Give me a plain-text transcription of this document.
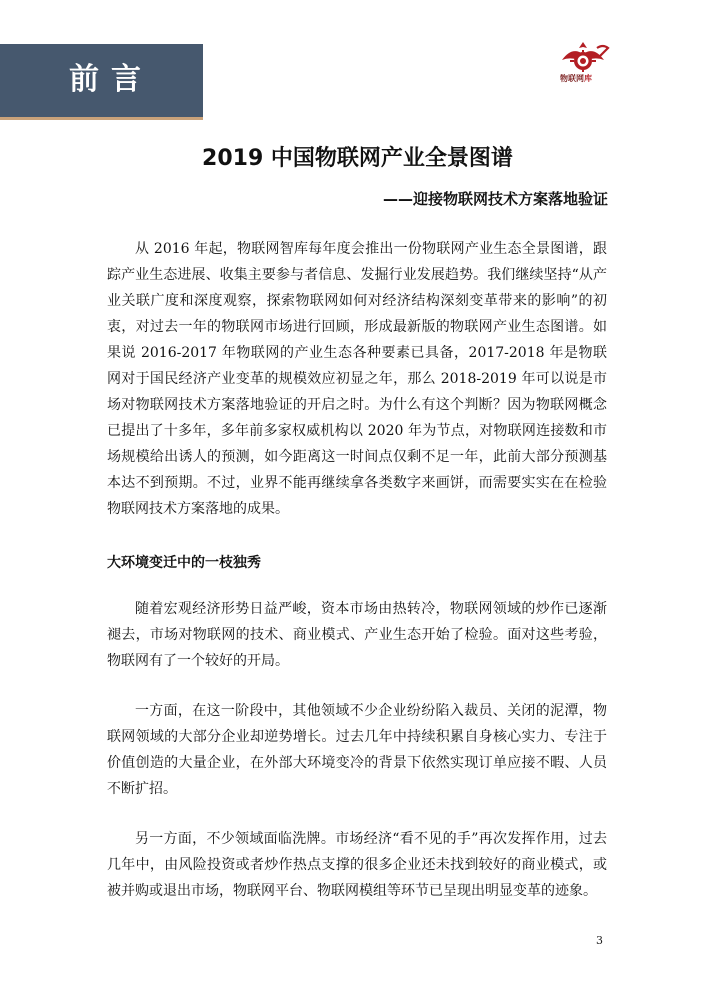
前言	物联网库
2019 中国物联网产业全景图谱
——迎接物联网技术方案落地验证

从 2016 年起，物联网智库每年度会推出一份物联网产业生态全景图谱，跟踪产业生态进展、收集主要参与者信息、发掘行业发展趋势。我们继续坚持“从产业关联广度和深度观察，探索物联网如何对经济结构深刻变革带来的影响”的初衷，对过去一年的物联网市场进行回顾，形成最新版的物联网产业生态图谱。如果说 2016-2017 年物联网的产业生态各种要素已具备，2017-2018 年是物联网对于国民经济产业变革的规模效应初显之年，那么 2018-2019 年可以说是市场对物联网技术方案落地验证的开启之时。为什么有这个判断？因为物联网概念已提出了十多年，多年前多家权威机构以 2020 年为节点，对物联网连接数和市场规模给出诱人的预测，如今距离这一时间点仅剩不足一年，此前大部分预测基本达不到预期。不过，业界不能再继续拿各类数字来画饼，而需要实实在在检验物联网技术方案落地的成果。

大环境变迁中的一枝独秀

随着宏观经济形势日益严峻，资本市场由热转冷，物联网领域的炒作已逐渐褪去，市场对物联网的技术、商业模式、产业生态开始了检验。面对这些考验，物联网有了一个较好的开局。

一方面，在这一阶段中，其他领域不少企业纷纷陷入裁员、关闭的泥潭，物联网领域的大部分企业却逆势增长。过去几年中持续积累自身核心实力、专注于价值创造的大量企业，在外部大环境变冷的背景下依然实现订单应接不暇、人员不断扩招。

另一方面，不少领域面临洗牌。市场经济“看不见的手”再次发挥作用，过去几年中，由风险投资或者炒作热点支撑的很多企业还未找到较好的商业模式，或被并购或退出市场，物联网平台、物联网模组等环节已呈现出明显变革的迹象。

3
